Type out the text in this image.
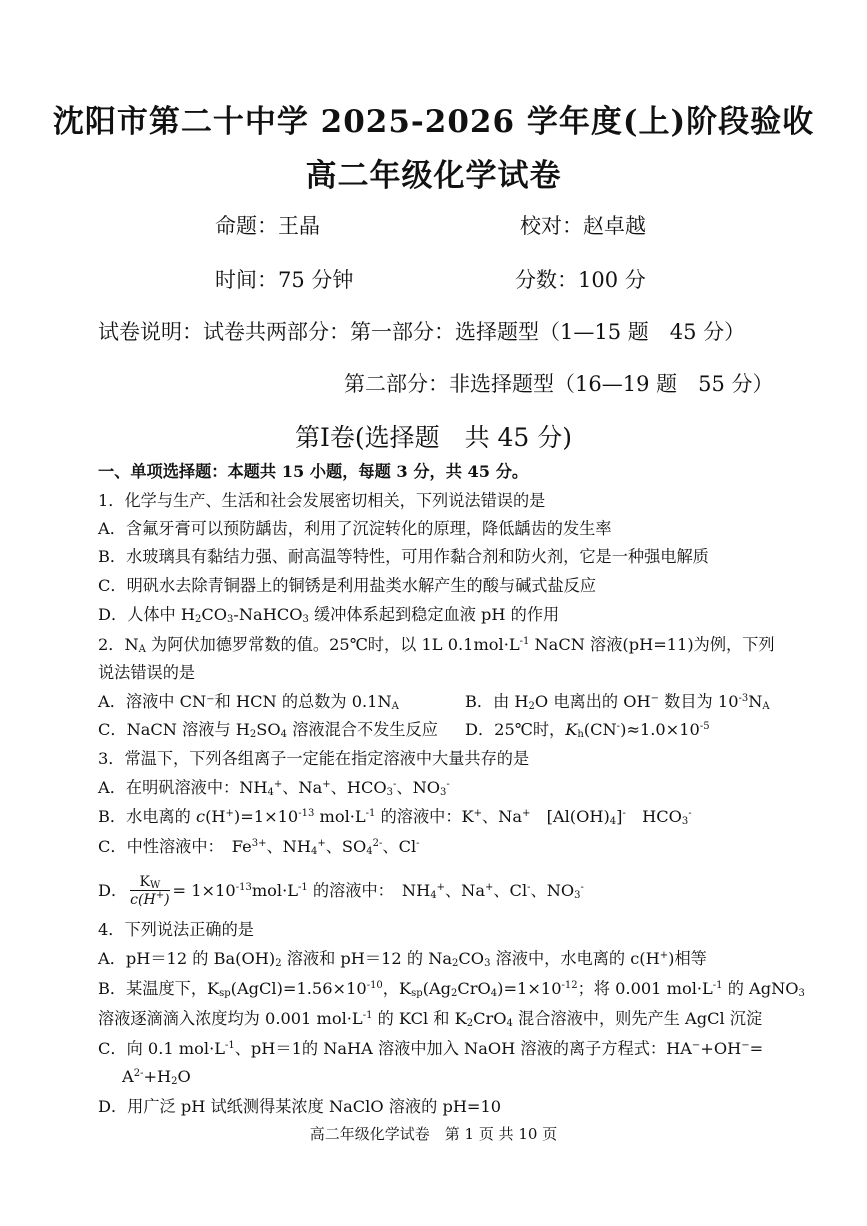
沈阳市第二十中学 2025-2026 学年度(上)阶段验收
高二年级化学试卷
命题：王晶	校对：赵卓越
时间：75 分钟	分数：100 分
试卷说明：试卷共两部分：第一部分：选择题型（1—15 题　45 分）
第二部分：非选择题型（16—19 题　55 分）
第Ⅰ卷(选择题　共 45 分)
一、单项选择题：本题共 15 小题，每题 3 分，共 45 分。
1．化学与生产、生活和社会发展密切相关，下列说法错误的是
A．含氟牙膏可以预防龋齿，利用了沉淀转化的原理，降低龋齿的发生率
B．水玻璃具有黏结力强、耐高温等特性，可用作黏合剂和防火剂，它是一种强电解质
C．明矾水去除青铜器上的铜锈是利用盐类水解产生的酸与碱式盐反应
D．人体中 $H_2CO_3-NaHCO_3$ 缓冲体系起到稳定血液 pH 的作用
2．$N_A$ 为阿伏加德罗常数的值。25℃时，以 1L $0.1mol\cdot L^{-1}$ NaCN 溶液(pH=11)为例，下列
说法错误的是
A．溶液中 CN⁻和 HCN 的总数为 $0.1N_A$	B．由 $H_2O$ 电离出的 OH− 数目为 $10^{-3}N_A$
C．NaCN 溶液与 $H_2SO_4$ 溶液混合不发生反应 D．25℃时，$K_h(CN^-)\approx 1.0\times 10^{-5}$
3．常温下，下列各组离子一定能在指定溶液中大量共存的是
A．在明矾溶液中：$NH_4^+$、Na+、$HCO_3^-$、$NO_3^-$
B．水电离的 $c(H^+)=1\times 10^{-13}$ $mol\cdot L^{-1}$ 的溶液中：K+、Na+　$[Al(OH)_4]^-$　$HCO_3^-$
C．中性溶液中：　$Fe^{3+}$、$NH_4^+$、$SO_4^{2-}$、Cl-
D． $\frac{K_W}{c(H^+)} = 1\times 10^{-13}mol\cdot L^{-1}$ 的溶液中：　$NH_4^+$、Na+、Cl-、$NO_3^-$
4．下列说法正确的是
A．pH＝12 的 $Ba(OH)_2$ 溶液和 pH＝12 的 $Na_2CO_3$ 溶液中，水电离的 c(H+)相等
B．某温度下，$K_{sp}(AgCl)=1.56\times 10^{-10}$，$K_{sp}(Ag_2CrO_4)=1\times 10^{-12}$；将 0.001 $mol\cdot L^{-1}$ 的 AgNO$_3$
溶液逐滴滴入浓度均为 0.001 $mol\cdot L^{-1}$ 的 KCl 和 $K_2CrO_4$ 混合溶液中，则先产生 AgCl 沉淀
C．向 0.1 $mol\cdot L^{-1}$、pH＝1的 NaHA 溶液中加入 NaOH 溶液的离子方程式：HA−+OH−=
$A^{2-}+H_2O$
D．用广泛 pH 试纸测得某浓度 NaClO 溶液的 pH=10
高二年级化学试卷　第 1 页 共 10 页
